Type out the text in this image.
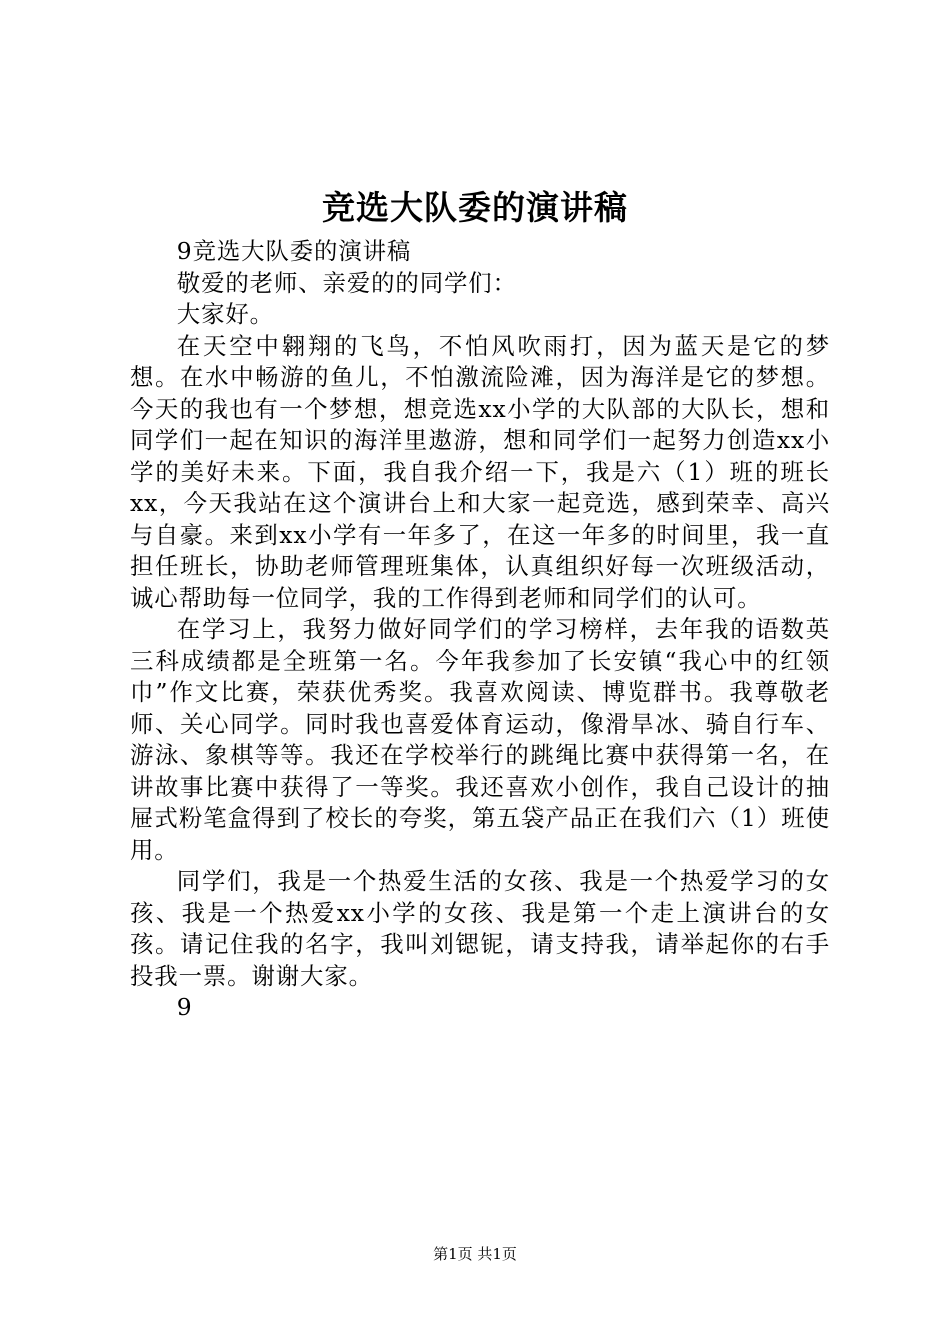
竞选大队委的演讲稿

9竞选大队委的演讲稿

敬爱的老师、亲爱的的同学们：

大家好。

在天空中翱翔的飞鸟，不怕风吹雨打，因为蓝天是它的梦想。在水中畅游的鱼儿，不怕激流险滩，因为海洋是它的梦想。今天的我也有一个梦想，想竞选xx小学的大队部的大队长，想和同学们一起在知识的海洋里遨游，想和同学们一起努力创造xx小学的美好未来。下面，我自我介绍一下，我是六（1）班的班长xx，今天我站在这个演讲台上和大家一起竞选，感到荣幸、高兴与自豪。来到xx小学有一年多了，在这一年多的时间里，我一直担任班长，协助老师管理班集体，认真组织好每一次班级活动，诚心帮助每一位同学，我的工作得到老师和同学们的认可。

在学习上，我努力做好同学们的学习榜样，去年我的语数英三科成绩都是全班第一名。今年我参加了长安镇“我心中的红领巾”作文比赛，荣获优秀奖。我喜欢阅读、博览群书。我尊敬老师、关心同学。同时我也喜爱体育运动，像滑旱冰、骑自行车、游泳、象棋等等。我还在学校举行的跳绳比赛中获得第一名，在讲故事比赛中获得了一等奖。我还喜欢小创作，我自己设计的抽屉式粉笔盒得到了校长的夸奖，第五袋产品正在我们六（1）班使用。

同学们，我是一个热爱生活的女孩、我是一个热爱学习的女孩、我是一个热爱xx小学的女孩、我是第一个走上演讲台的女孩。请记住我的名字，我叫刘锶铌，请支持我，请举起你的右手投我一票。谢谢大家。

9

第1页 共1页
